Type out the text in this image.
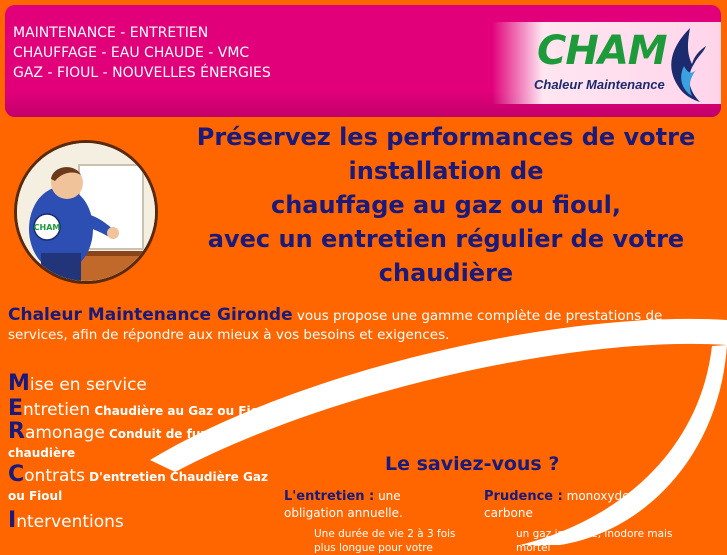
MAINTENANCE - ENTRETIEN
CHAUFFAGE - EAU CHAUDE - VMC
GAZ - FIOUL - NOUVELLES ÉNERGIES	CHAM
Chaleur Maintenance
CHAM
Préservez les performances de votre
installation de
chauffage au gaz ou fioul,
avec un entretien régulier de votre
chaudière
Chaleur Maintenance Gironde vous propose une gamme complète de prestations de services, afin de répondre aux mieux à vos besoins et exigences.
Mise en service
Entretien Chaudière au Gaz ou Fioul
Ramonage Conduit de fumée chaudière
Contrats D'entretien Chaudière Gaz ou Fioul
Interventions
Le saviez-vous ?
L'entretien : une obligation annuelle.
Une durée de vie 2 à 3 fois plus longue pour votre
Prudence : monoxyde de carbone
un gaz invisible, inodore mais mortel
